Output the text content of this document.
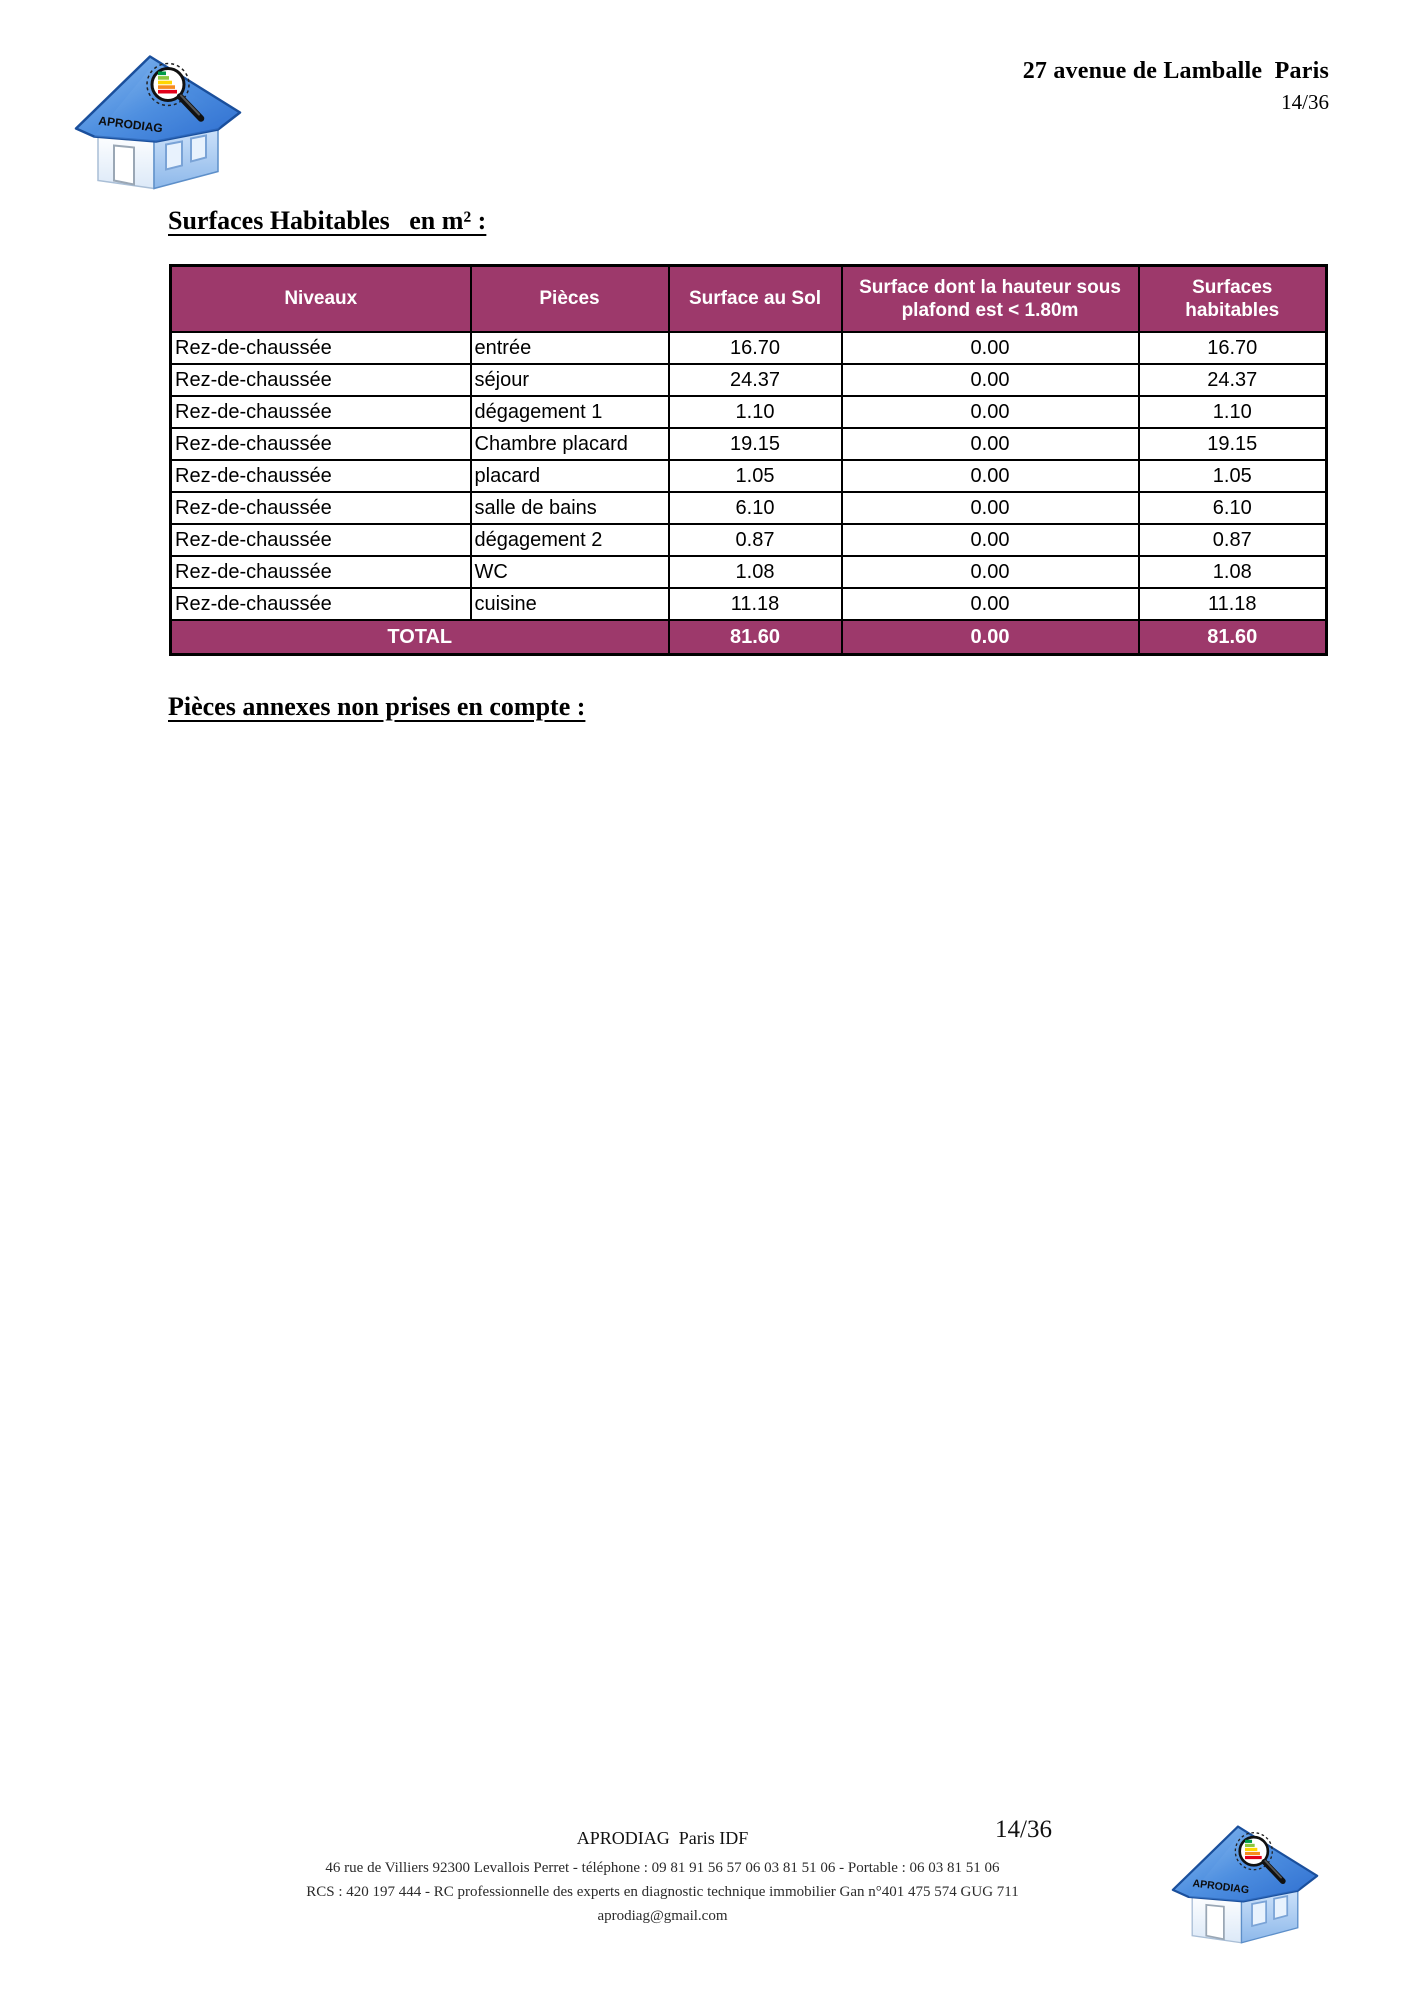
27 avenue de Lamballe  Paris
14/36
Surfaces Habitables   en m² :
Niveaux	Pièces	Surface au Sol	Surface dont la hauteur sous plafond est < 1.80m	Surfaces habitables
Rez-de-chaussée	entrée	16.70	0.00	16.70
Rez-de-chaussée	séjour	24.37	0.00	24.37
Rez-de-chaussée	dégagement 1	1.10	0.00	1.10
Rez-de-chaussée	Chambre placard	19.15	0.00	19.15
Rez-de-chaussée	placard	1.05	0.00	1.05
Rez-de-chaussée	salle de bains	6.10	0.00	6.10
Rez-de-chaussée	dégagement 2	0.87	0.00	0.87
Rez-de-chaussée	WC	1.08	0.00	1.08
Rez-de-chaussée	cuisine	11.18	0.00	11.18
TOTAL		81.60	0.00	81.60
Pièces annexes non prises en compte :
APRODIAG  Paris IDF
46 rue de Villiers 92300 Levallois Perret - téléphone : 09 81 91 56 57 06 03 81 51 06 - Portable : 06 03 81 51 06
RCS : 420 197 444 - RC professionnelle des experts en diagnostic technique immobilier Gan n°401 475 574 GUG 711
aprodiag@gmail.com
14/36
